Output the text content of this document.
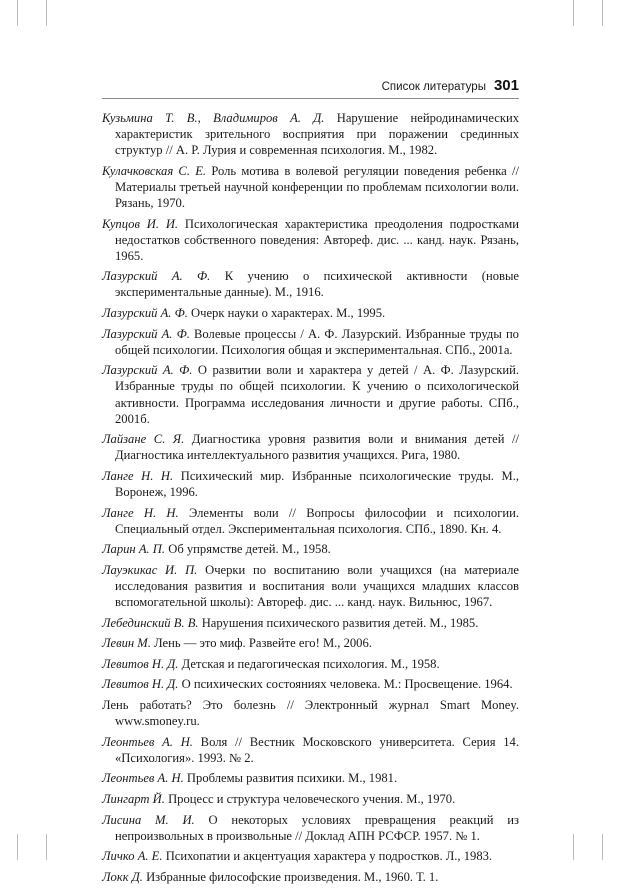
Список литературы 301

Кузьмина Т. В., Владимиров А. Д. Нарушение нейродинамических характеристик зрительного восприятия при поражении срединных структур // А. Р. Лурия и современная психология. М., 1982.

Кулачковская С. Е. Роль мотива в волевой регуляции поведения ребенка // Материалы третьей научной конференции по проблемам психологии воли. Рязань, 1970.

Купцов И. И. Психологическая характеристика преодоления подростками недостатков собственного поведения: Автореф. дис. ... канд. наук. Рязань, 1965.

Лазурский А. Ф. К учению о психической активности (новые экспериментальные данные). М., 1916.

Лазурский А. Ф. Очерк науки о характерах. М., 1995.

Лазурский А. Ф. Волевые процессы / А. Ф. Лазурский. Избранные труды по общей психологии. Психология общая и экспериментальная. СПб., 2001а.

Лазурский А. Ф. О развитии воли и характера у детей / А. Ф. Лазурский. Избранные труды по общей психологии. К учению о психологической активности. Программа исследования личности и другие работы. СПб., 2001б.

Лайзане С. Я. Диагностика уровня развития воли и внимания детей // Диагностика интеллектуального развития учащихся. Рига, 1980.

Ланге Н. Н. Психический мир. Избранные психологические труды. М., Воронеж, 1996.

Ланге Н. Н. Элементы воли // Вопросы философии и психологии. Специальный отдел. Экспериментальная психология. СПб., 1890. Кн. 4.

Ларин А. П. Об упрямстве детей. М., 1958.

Лауэкикас И. П. Очерки по воспитанию воли учащихся (на материале исследования развития и воспитания воли учащихся младших классов вспомогательной школы): Автореф. дис. ... канд. наук. Вильнюс, 1967.

Лебединский В. В. Нарушения психического развития детей. М., 1985.

Левин М. Лень — это миф. Развейте его! М., 2006.

Левитов Н. Д. Детская и педагогическая психология. М., 1958.

Левитов Н. Д. О психических состояниях человека. М.: Просвещение. 1964.

Лень работать? Это болезнь // Электронный журнал Smart Money. www.smoney.ru.

Леонтьев А. Н. Воля // Вестник Московского университета. Серия 14. «Психология». 1993. № 2.

Леонтьев А. Н. Проблемы развития психики. М., 1981.

Лингарт Й. Процесс и структура человеческого учения. М., 1970.

Лисина М. И. О некоторых условиях превращения реакций из непроизвольных в произвольные // Доклад АПН РСФСР. 1957. № 1.

Личко А. Е. Психопатии и акцентуация характера у подростков. Л., 1983.

Локк Д. Избранные философские произведения. М., 1960. Т. 1.
